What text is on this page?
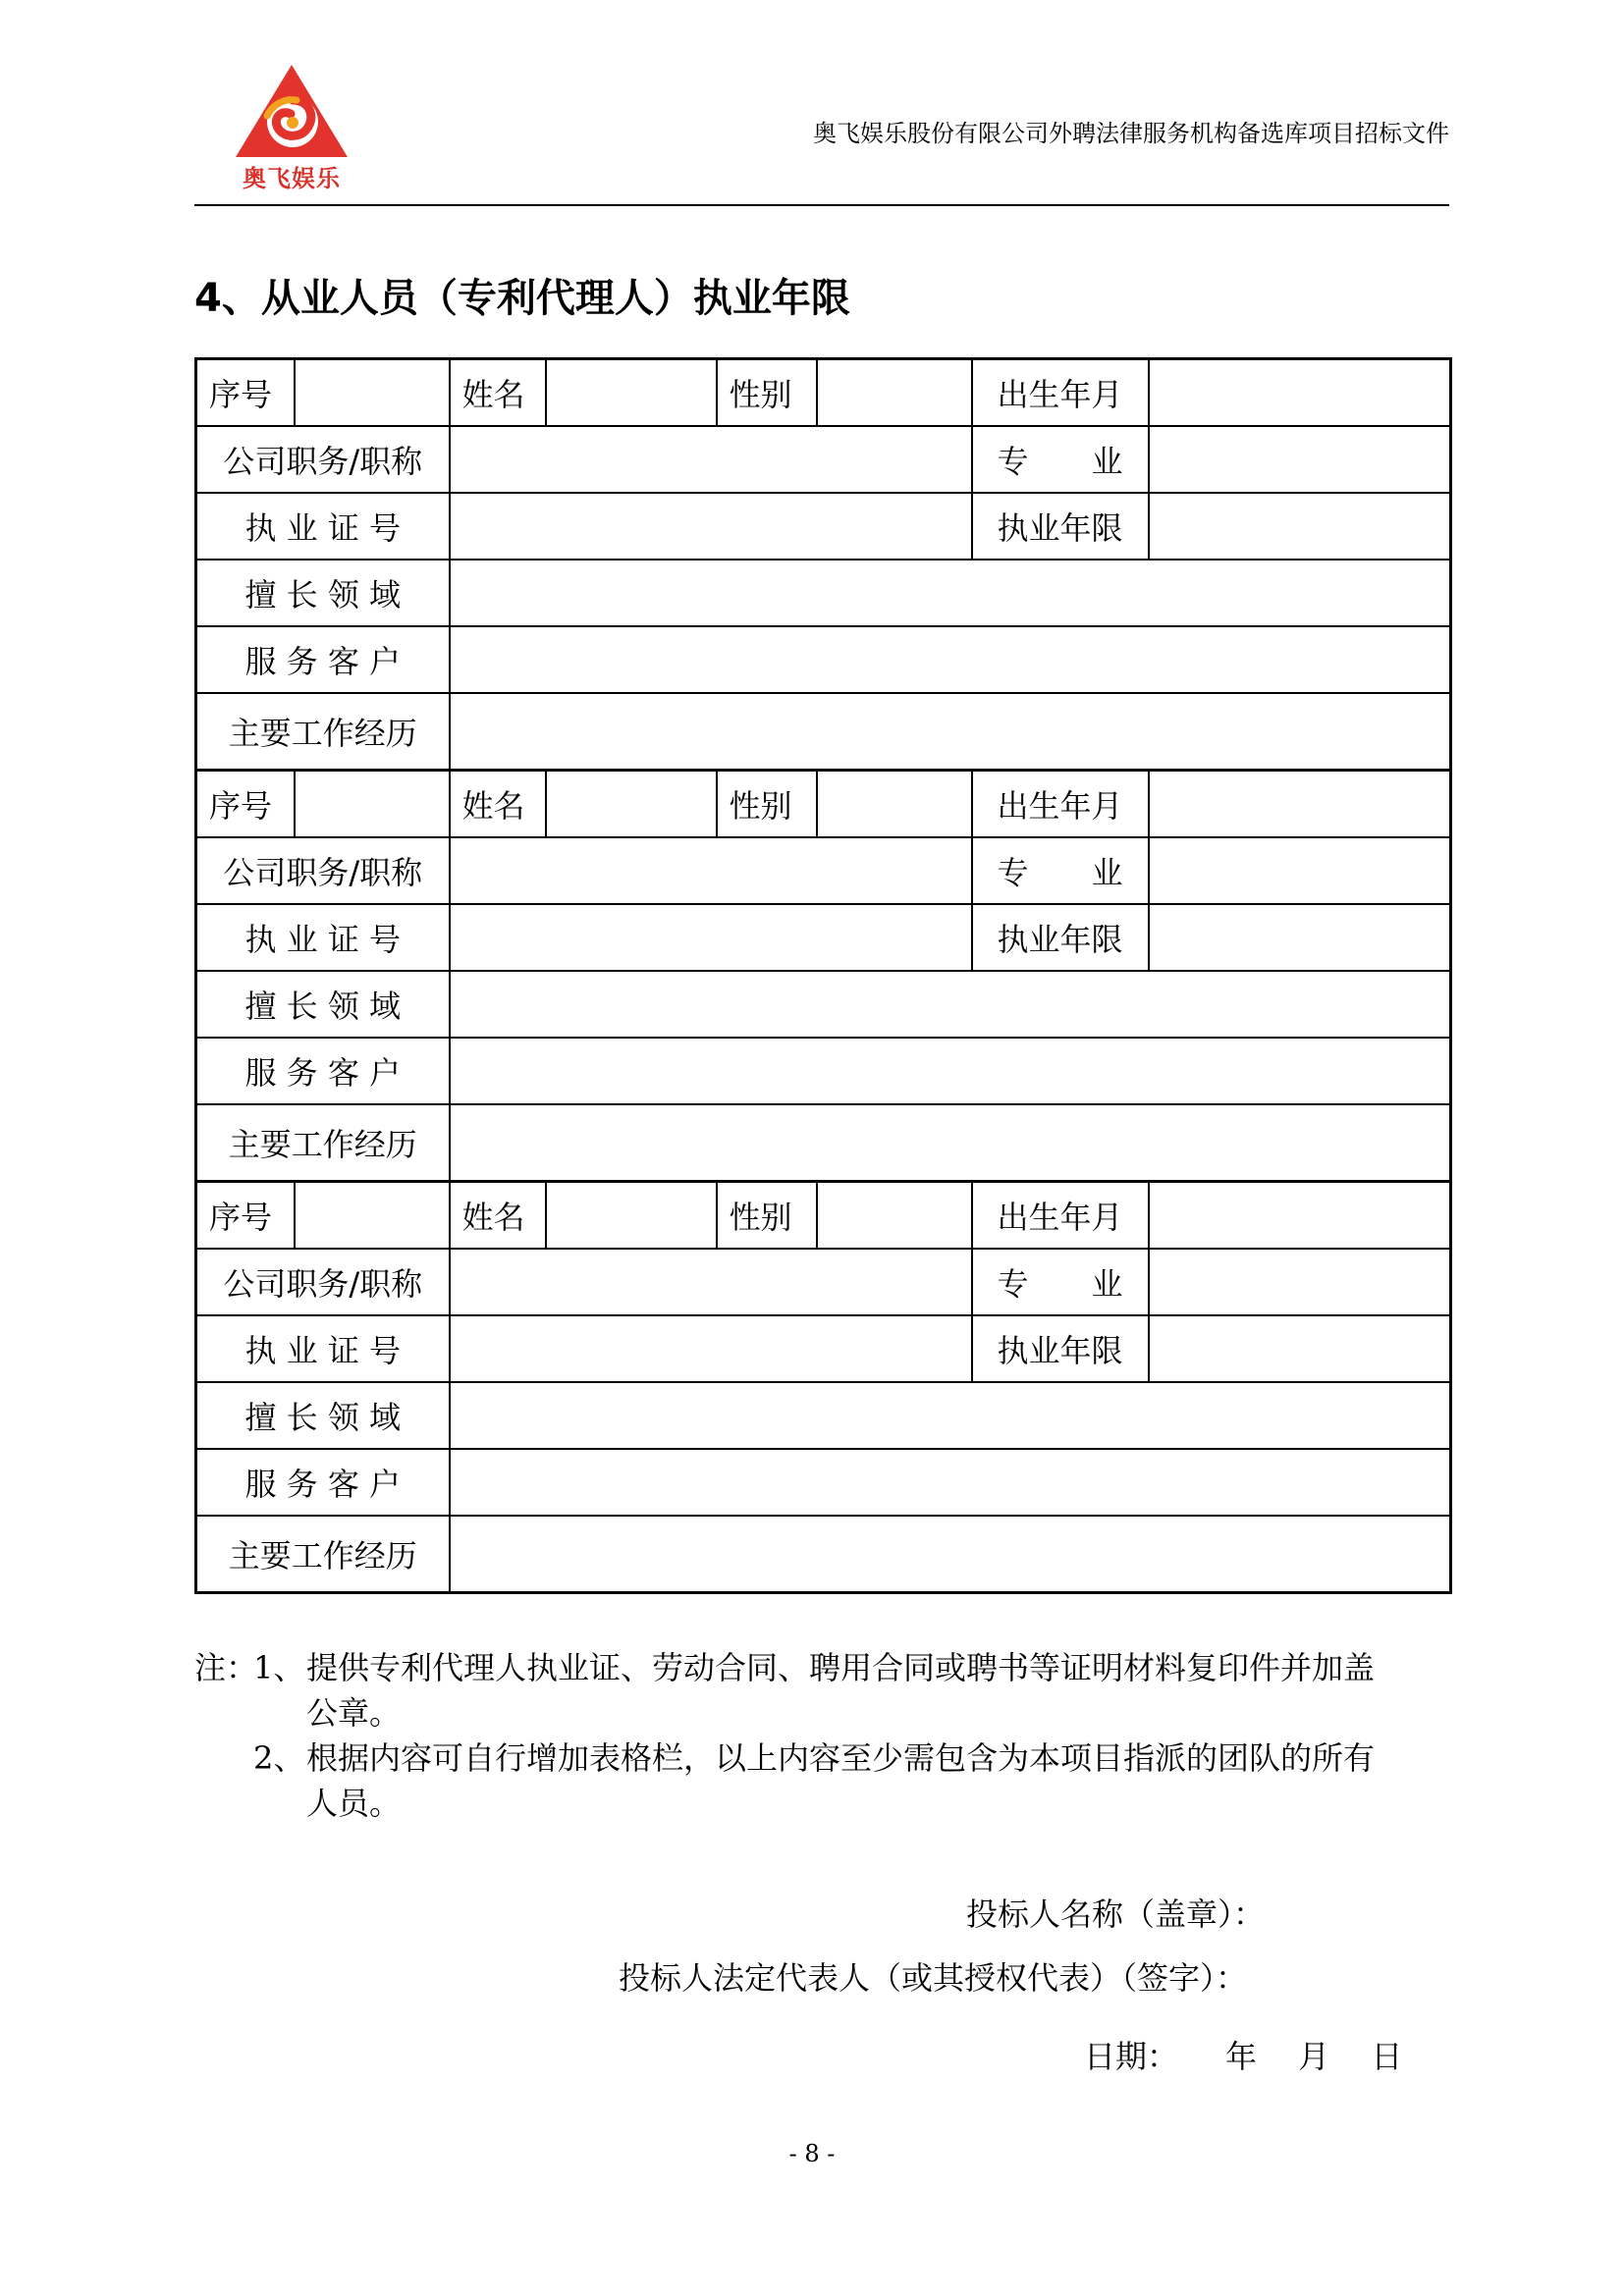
奥飞娱乐
奥飞娱乐股份有限公司外聘法律服务机构备选库项目招标文件
4、从业人员（专利代理人）执业年限
序号		姓名		性别		出生年月	
公司职务/职称						专　　业	
执 业 证 号						执业年限	
擅 长 领 域							
服 务 客 户							
主要工作经历							
序号		姓名		性别		出生年月	
公司职务/职称						专　　业	
执 业 证 号						执业年限	
擅 长 领 域							
服 务 客 户							
主要工作经历							
序号		姓名		性别		出生年月	
公司职务/职称						专　　业	
执 业 证 号						执业年限	
擅 长 领 域							
服 务 客 户							
主要工作经历							
注：
1、 提供专利代理人执业证、劳动合同、聘用合同或聘书等证明材料复印件并加盖
公章。
2、 根据内容可自行增加表格栏，以上内容至少需包含为本项目指派的团队的所有
人员。
投标人名称（盖章）：
投标人法定代表人（或其授权代表）（签字）：
日期：　　年　 月　 日
- 8 -
